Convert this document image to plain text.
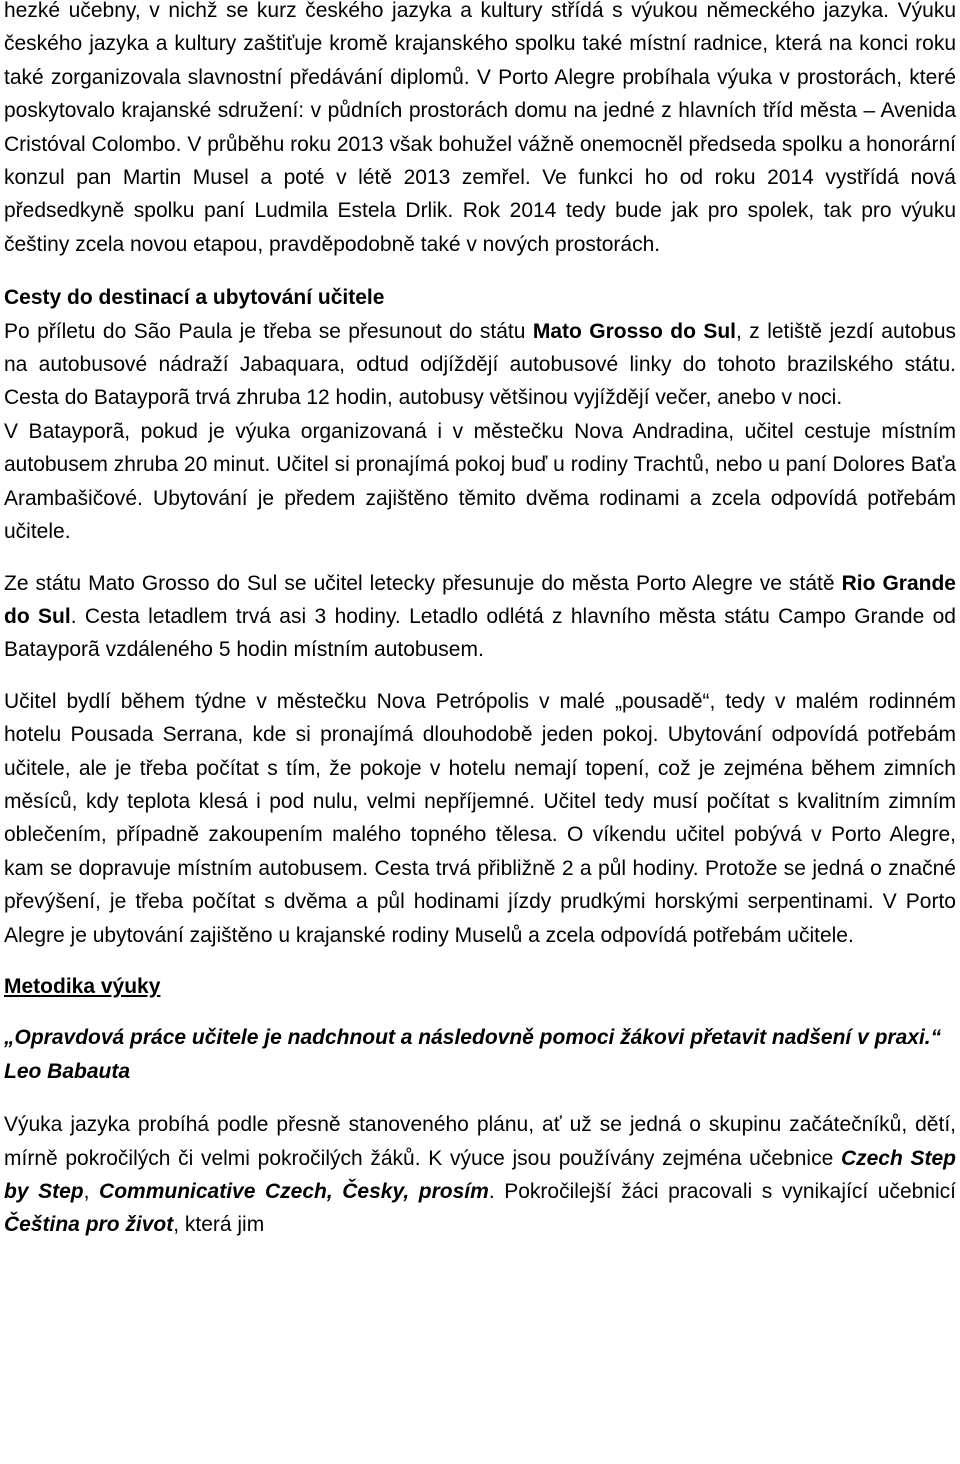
hezké učebny, v nichž se kurz českého jazyka a kultury střídá s výukou německého jazyka. Výuku českého jazyka a kultury zaštiťuje kromě krajanského spolku také místní radnice, která na konci roku také zorganizovala slavnostní předávání diplomů. V Porto Alegre probíhala výuka v prostorách, které poskytovalo krajanské sdružení: v půdních prostorách domu na jedné z hlavních tříd města – Avenida Cristóval Colombo. V průběhu roku 2013 však bohužel vážně onemocněl předseda spolku a honorární konzul pan Martin Musel a poté v létě 2013 zemřel. Ve funkci ho od roku 2014 vystřídá nová předsedkyně spolku paní Ludmila Estela Drlik. Rok 2014 tedy bude jak pro spolek, tak pro výuku češtiny zcela novou etapou, pravděpodobně také v nových prostorách.

Cesty do destinací a ubytování učitele

Po příletu do São Paula je třeba se přesunout do státu Mato Grosso do Sul, z letiště jezdí autobus na autobusové nádraží Jabaquara, odtud odjíždějí autobusové linky do tohoto brazilského státu. Cesta do Batayporã trvá zhruba 12 hodin, autobusy většinou vyjíždějí večer, anebo v noci.

V Batayporã, pokud je výuka organizovaná i v městečku Nova Andradina, učitel cestuje místním autobusem zhruba 20 minut. Učitel si pronajímá pokoj buď u rodiny Trachtů, nebo u paní Dolores Baťa Arambašičové. Ubytování je předem zajištěno těmito dvěma rodinami a zcela odpovídá potřebám učitele.

Ze státu Mato Grosso do Sul se učitel letecky přesunuje do města Porto Alegre ve státě Rio Grande do Sul. Cesta letadlem trvá asi 3 hodiny. Letadlo odlétá z hlavního města státu Campo Grande od Batayporã vzdáleného 5 hodin místním autobusem.

Učitel bydlí během týdne v městečku Nova Petrópolis v malé „pousadě“, tedy v malém rodinném hotelu Pousada Serrana, kde si pronajímá dlouhodobě jeden pokoj. Ubytování odpovídá potřebám učitele, ale je třeba počítat s tím, že pokoje v hotelu nemají topení, což je zejména během zimních měsíců, kdy teplota klesá i pod nulu, velmi nepříjemné. Učitel tedy musí počítat s kvalitním zimním oblečením, případně zakoupením malého topného tělesa. O víkendu učitel pobývá v Porto Alegre, kam se dopravuje místním autobusem. Cesta trvá přibližně 2 a půl hodiny. Protože se jedná o značné převýšení, je třeba počítat s dvěma a půl hodinami jízdy prudkými horskými serpentinami. V Porto Alegre je ubytování zajištěno u krajanské rodiny Muselů a zcela odpovídá potřebám učitele.

Metodika výuky

„Opravdová práce učitele je nadchnout a následovně pomoci žákovi přetavit nadšení v praxi.“

Leo Babauta

Výuka jazyka probíhá podle přesně stanoveného plánu, ať už se jedná o skupinu začátečníků, dětí, mírně pokročilých či velmi pokročilých žáků. K výuce jsou používány zejména učebnice Czech Step by Step, Communicative Czech, Česky, prosím. Pokročilejší žáci pracovali s vynikající učebnicí Čeština pro život, která jim
